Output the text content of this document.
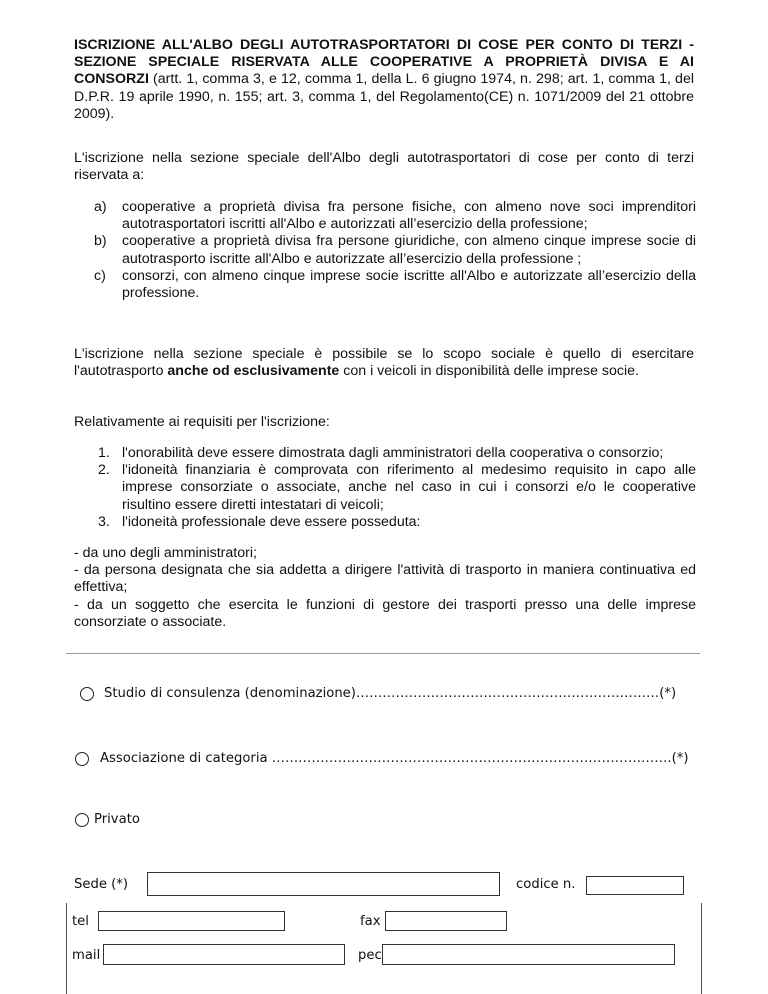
ISCRIZIONE ALL'ALBO DEGLI AUTOTRASPORTATORI DI COSE PER CONTO DI TERZI - SEZIONE SPECIALE RISERVATA ALLE COOPERATIVE A PROPRIETÀ DIVISA E AI CONSORZI (artt. 1, comma 3, e 12, comma 1, della L. 6 giugno 1974, n. 298; art. 1, comma 1, del D.P.R. 19 aprile 1990, n. 155; art. 3, comma 1, del Regolamento(CE) n. 1071/2009 del 21 ottobre 2009).
L'iscrizione nella sezione speciale dell'Albo degli autotrasportatori di cose per conto di terzi riservata a:
a) cooperative a proprietà divisa fra persone fisiche, con almeno nove soci imprenditori autotrasportatori iscritti all'Albo e autorizzati all’esercizio della professione;
b) cooperative a proprietà divisa fra persone giuridiche, con almeno cinque imprese socie di autotrasporto iscritte all'Albo e autorizzate all’esercizio della professione ;
c) consorzi, con almeno cinque imprese socie iscritte all'Albo e autorizzate all’esercizio della professione.
L'iscrizione nella sezione speciale è possibile se lo scopo sociale è quello di esercitare l'autotrasporto anche od esclusivamente con i veicoli in disponibilità delle imprese socie.
Relativamente ai requisiti per l'iscrizione:
1. l'onorabilità deve essere dimostrata dagli amministratori della cooperativa o consorzio;
2. l'idoneità finanziaria è comprovata con riferimento al medesimo requisito in capo alle imprese consorziate o associate, anche nel caso in cui i consorzi e/o le cooperative risultino essere diretti intestatari di veicoli;
3. l'idoneità professionale deve essere posseduta:
- da uno degli amministratori;
- da persona designata che sia addetta a dirigere l'attività di trasporto in maniera continuativa ed effettiva;
- da un soggetto che esercita le funzioni di gestore dei trasporti presso una delle imprese consorziate o associate.
Studio di consulenza (denominazione)……………………………………………………………(*)
Associazione di categoria ……………………………………………………………………………….(*)
Privato
Sede (*)	codice n.
tel	fax
mail	pec
